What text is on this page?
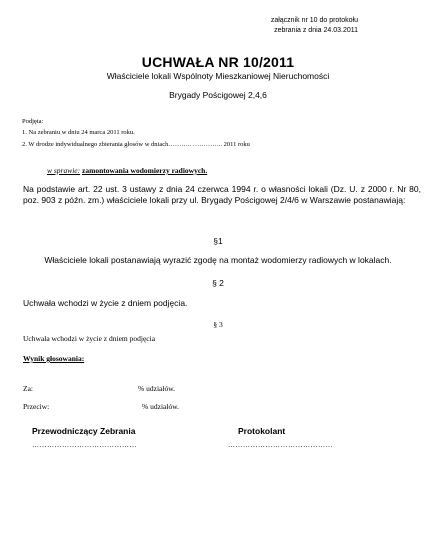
załącznik nr 10 do protokołu
zebrania z dnia 24.03.2011
UCHWAŁA NR 10/2011
Właściciele lokali Wspólnoty Mieszkaniowej Nieruchomości
Brygady Pościgowej 2,4,6
Podjęta:
1. Na zebraniu w dniu 24 marca 2011 roku.
2. W drodze indywidualnego zbierania głosów w dniach……….. ………….. 2011 roku
w sprawie: zamontowania wodomierzy radiowych.
Na podstawie art. 22 ust. 3 ustawy z dnia 24 czerwca 1994 r. o własności lokali (Dz. U. z 2000 r. Nr 80, poz. 903 z późn. zm.) właściciele lokali przy ul. Brygady Pościgowej 2/4/6 w Warszawie postanawiają:
§1
Właściciele lokali postanawiają wyrazić zgodę na montaż wodomierzy radiowych w lokalach.
§ 2
Uchwała wchodzi w życie z dniem podjęcia.
§ 3
Uchwała wchodzi w życie z dniem podjęcia
Wynik głosowania:
Za:	% udziałów.
Przeciw:	% udziałów.
Przewodniczący Zebrania	Protokolant
……………………………………	……………………………………
